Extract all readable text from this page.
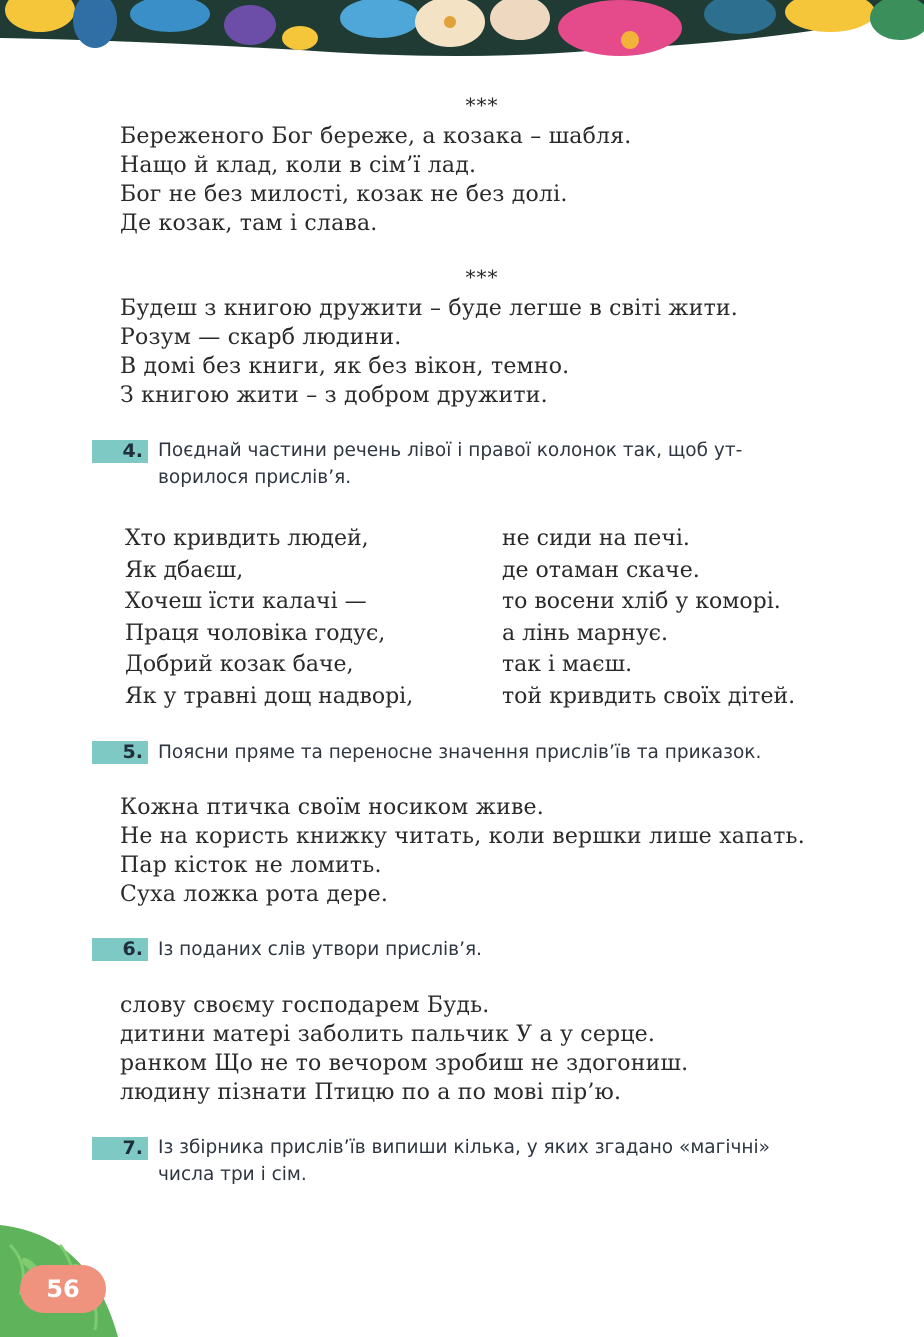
***
Береженого Бог береже, а козака – шабля.
Нащо й клад, коли в сім’ї лад.
Бог не без милості, козак не без долі.
Де козак, там і слава.
***
Будеш з книгою дружити – буде легше в світі жити.
Розум — скарб людини.
В домі без книги, як без вікон, темно.
З книгою жити – з добром дружити.
4. Поєднай частини речень лівої і правої колонок так, щоб ут-
ворилося прислів’я.
Хто кривдить людей,
Як дбаєш,
Хочеш їсти калачі —
Праця чоловіка годує,
Добрий козак баче,
Як у травні дощ надворі,
не сиди на печі.
де отаман скаче.
то восени хліб у коморі.
а лінь марнує.
так і маєш.
той кривдить своїх дітей.
5. Поясни пряме та переносне значення прислів’їв та приказок.
Кожна птичка своїм носиком живе.
Не на користь книжку читать, коли вершки лише хапать.
Пар кісток не ломить.
Суха ложка рота дере.
6. Із поданих слів утвори прислів’я.
слову своєму господарем Будь.
дитини матері заболить пальчик У а у серце.
ранком Що не то вечором зробиш не здогониш.
людину пізнати Птицю по а по мові пір’ю.
7. Із збірника прислів’їв випиши кілька, у яких згадано «магічні»
числа три і сім.
56
